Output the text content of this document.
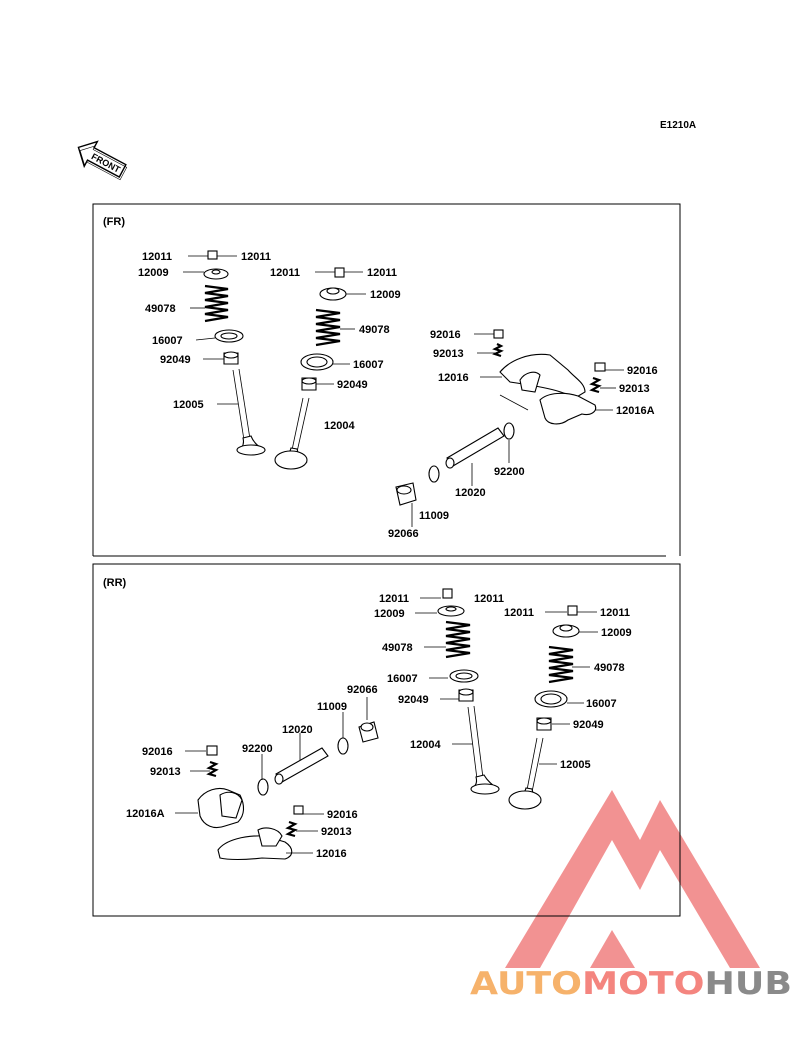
E1210A
FRONT
(FR)
12011	12011
12009
49078
16007
92049
12005
12011	12011
12009
49078
16007
92049
12004
92016
92013
12016
92016
92013
12016A
92200
12020
11009
92066
(RR)
12011	12011
12009
49078
16007
92049
12004
12011	12011
12009
49078
16007
92049
12005
92066
11009
12020
92200
92016
92013
12016A	92016
92013
12016
AUTO MOTO HUB
